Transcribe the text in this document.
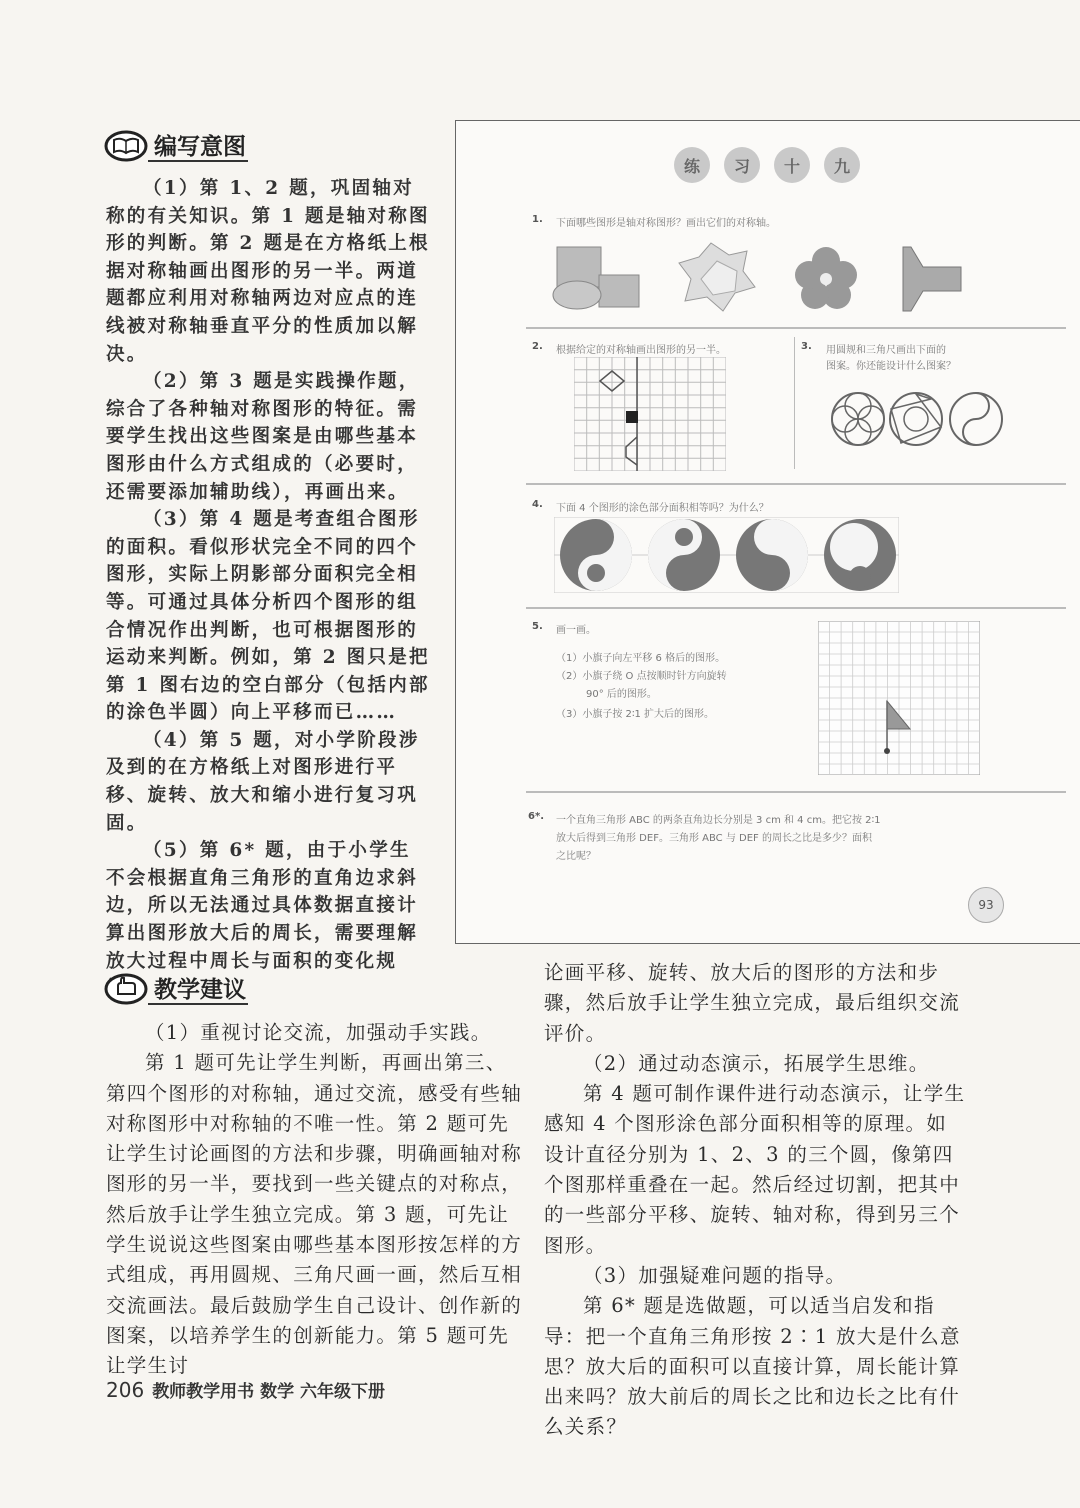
编写意图

（1）第 1、2 题，巩固轴对称的有关知识。第 1 题是轴对称图形的判断。第 2 题是在方格纸上根据对称轴画出图形的另一半。两道题都应利用对称轴两边对应点的连线被对称轴垂直平分的性质加以解决。

（2）第 3 题是实践操作题，综合了各种轴对称图形的特征。需要学生找出这些图案是由哪些基本图形由什么方式组成的（必要时，还需要添加辅助线），再画出来。

（3）第 4 题是考查组合图形的面积。看似形状完全不同的四个图形，实际上阴影部分面积完全相等。可通过具体分析四个图形的组合情况作出判断，也可根据图形的运动来判断。例如，第 2 图只是把第 1 图右边的空白部分（包括内部的涂色半圆）向上平移而已……

（4）第 5 题，对小学阶段涉及到的在方格纸上对图形进行平移、旋转、放大和缩小进行复习巩固。

（5）第 6* 题，由于小学生不会根据直角三角形的直角边求斜边，所以无法通过具体数据直接计算出图形放大后的周长，需要理解放大过程中周长与面积的变化规

练	习	十	九
1. 下面哪些图形是轴对称图形？画出它们的对称轴。
2. 根据给定的对称轴画出图形的另一半。	3. 用圆规和三角尺画出下面的
图案。你还能设计什么图案？
4. 下面 4 个图形的涂色部分面积相等吗？为什么？
5. 画一画。
（1）小旗子向左平移 6 格后的图形。
（2）小旗子绕 O 点按顺时针方向旋转
90° 后的图形。
（3）小旗子按 2∶1 扩大后的图形。
6*. 一个直角三角形 ABC 的两条直角边长分别是 3 cm 和 4 cm。把它按 2∶1
放大后得到三角形 DEF。三角形 ABC 与 DEF 的周长之比是多少？面积
之比呢？
93
教学建议

（1）重视讨论交流，加强动手实践。

第 1 题可先让学生判断，再画出第三、第四个图形的对称轴，通过交流，感受有些轴对称图形中对称轴的不唯一性。第 2 题可先让学生讨论画图的方法和步骤，明确画轴对称图形的另一半，要找到一些关键点的对称点，然后放手让学生独立完成。第 3 题，可先让学生说说这些图案由哪些基本图形按怎样的方式组成，再用圆规、三角尺画一画，然后互相交流画法。最后鼓励学生自己设计、创作新的图案，以培养学生的创新能力。第 5 题可先让学生讨

论画平移、旋转、放大后的图形的方法和步骤，然后放手让学生独立完成，最后组织交流评价。

（2）通过动态演示，拓展学生思维。

第 4 题可制作课件进行动态演示，让学生感知 4 个图形涂色部分面积相等的原理。如设计直径分别为 1、2、3 的三个圆，像第四个图那样重叠在一起。然后经过切割，把其中的一些部分平移、旋转、轴对称，得到另三个图形。

（3）加强疑难问题的指导。

第 6* 题是选做题，可以适当启发和指导：把一个直角三角形按 2∶1 放大是什么意思？放大后的面积可以直接计算，周长能计算出来吗？放大前后的周长之比和边长之比有什么关系？

206 教师教学用书 数学 六年级下册
